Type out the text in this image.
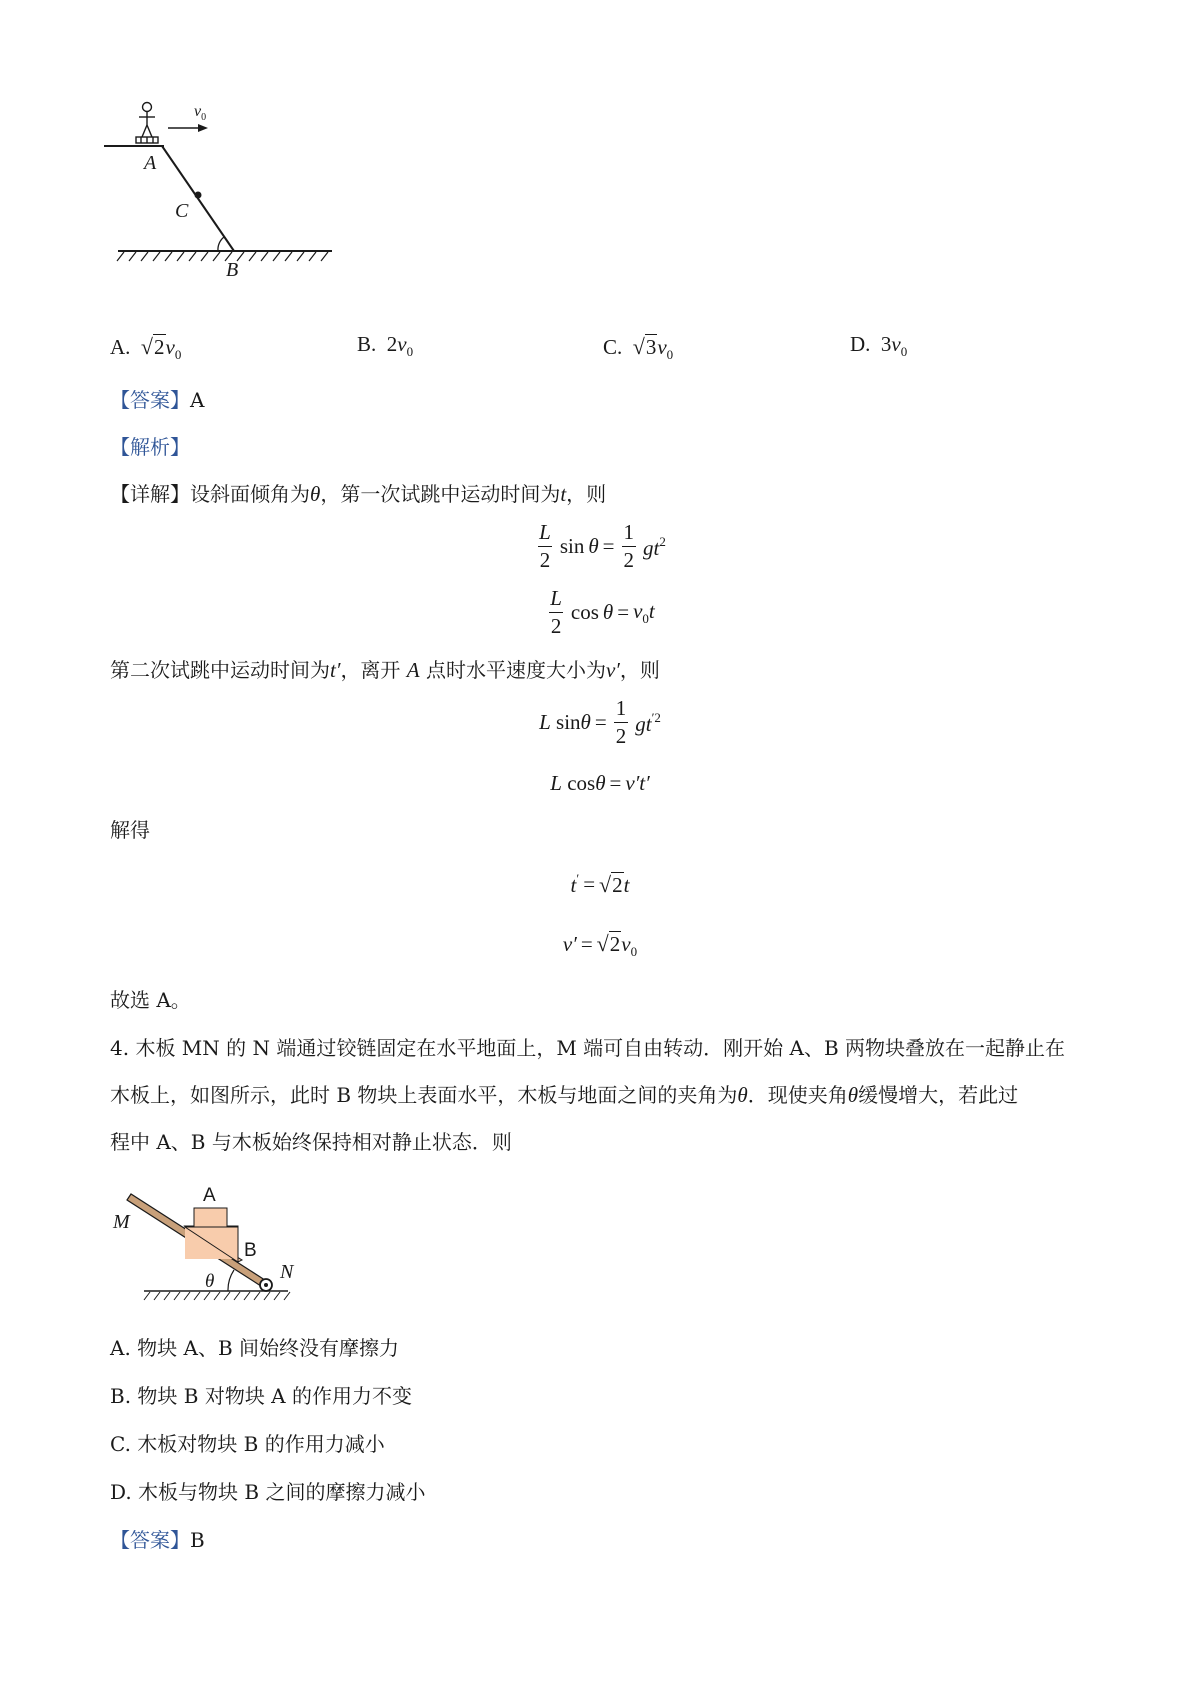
$v_0$
A
C
B
A. √ 2 $v_0$	B. $2v_0$	C. √ 3 $v_0$	D. $3v_0$
【答案】A
【解析】
【详解】设斜面倾角为θ，第一次试跳中运动时间为t，则
$\frac{L}{2}$ $\sin \theta = \frac{1}{2} gt^2$
$\frac{L}{2}$ $\cos \theta = v_0t$
第二次试跳中运动时间为t′，离开 A 点时水平速度大小为v′，则
L $\sin\theta = \frac{1}{2} gt^{'2}$
L cosθ = v′t′
解得
t′ = √ 2 t
v′ = √ 2 $v_0$
故选 A。
4. 木板 MN 的 N 端通过铰链固定在水平地面上，M 端可自由转动．刚开始 A、B 两物块叠放在一起静止在
木板上，如图所示，此时 B 物块上表面水平，木板与地面之间的夹角为θ．现使夹角θ缓慢增大，若此过
程中 A、B 与木板始终保持相对静止状态．则
A
B
M
N
θ
A. 物块 A、B 间始终没有摩擦力
B. 物块 B 对物块 A 的作用力不变
C. 木板对物块 B 的作用力减小
D. 木板与物块 B 之间的摩擦力减小
【答案】B
